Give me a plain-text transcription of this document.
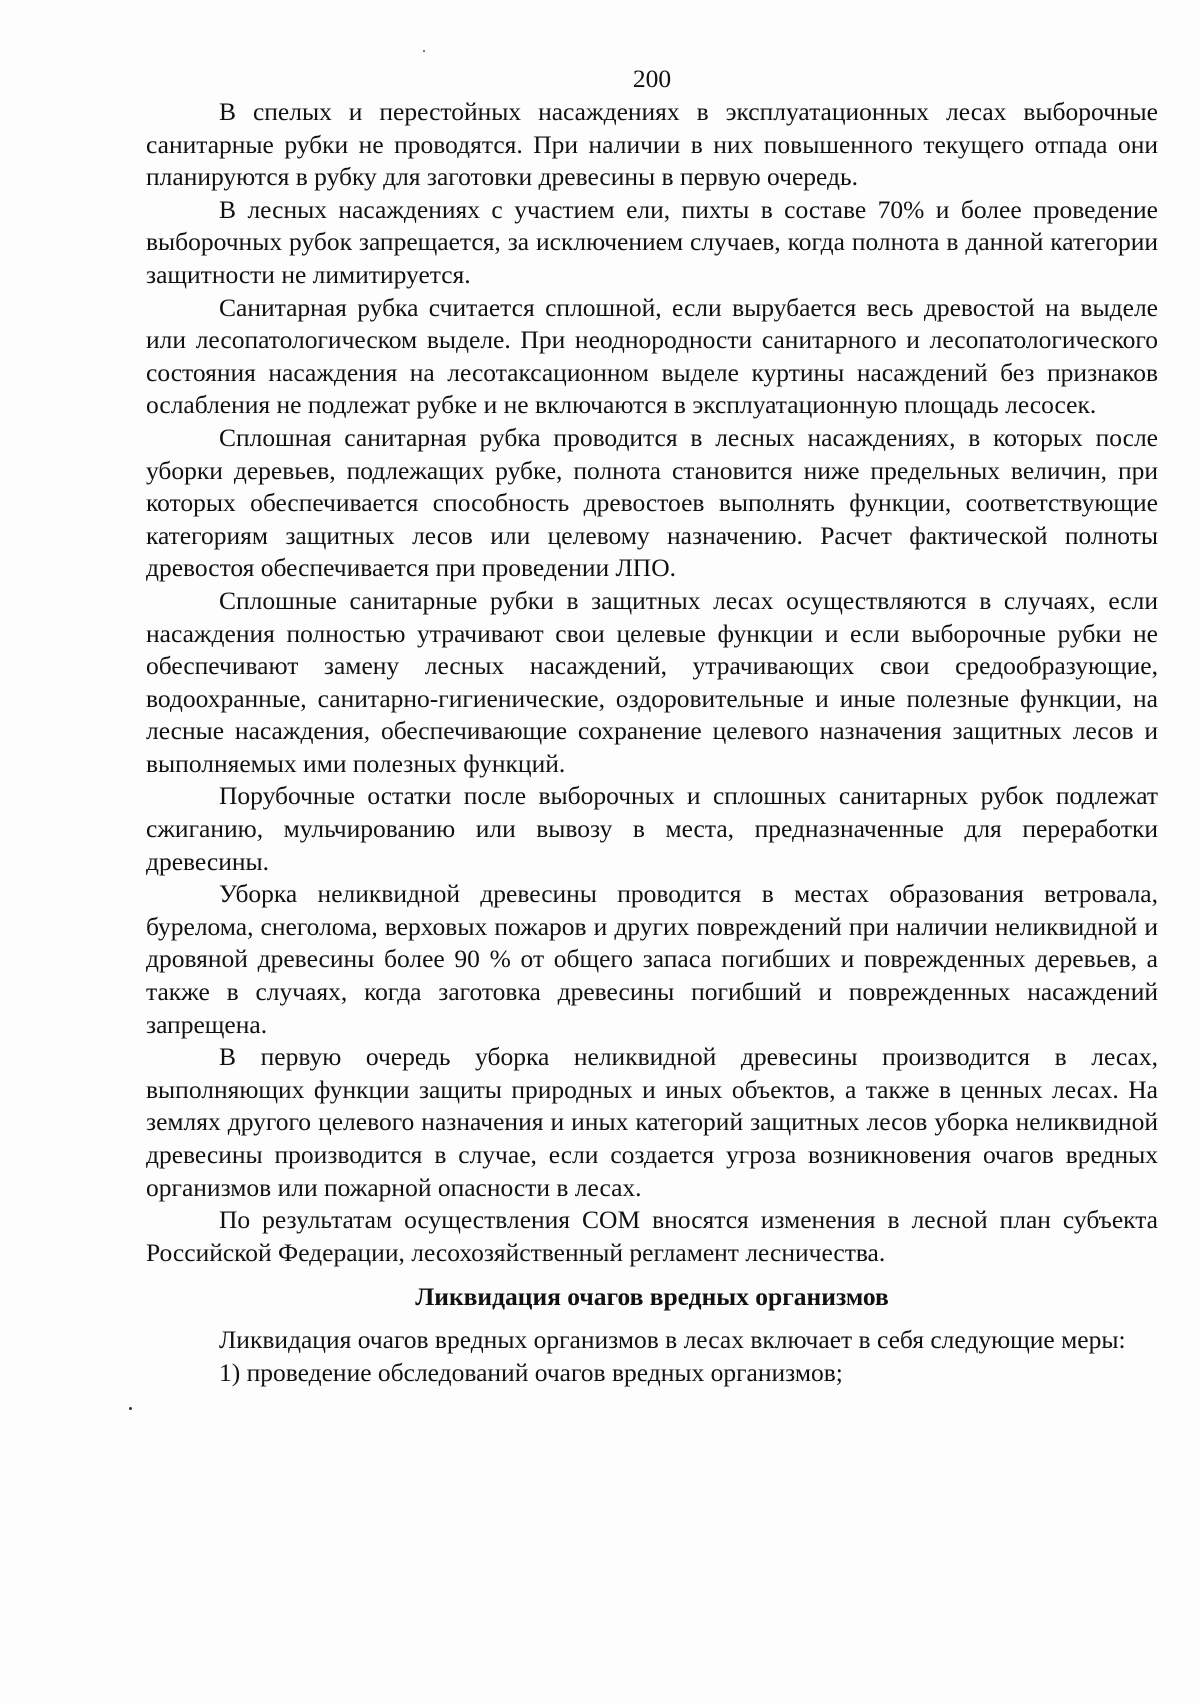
200

В спелых и перестойных насаждениях в эксплуатационных лесах выборочные санитарные рубки не проводятся. При наличии в них повышенного текущего отпада они планируются в рубку для заготовки древесины в первую очередь.

В лесных насаждениях с участием ели, пихты в составе 70% и более проведение выборочных рубок запрещается, за исключением случаев, когда полнота в данной категории защитности не лимитируется.

Санитарная рубка считается сплошной, если вырубается весь древостой на выделе или лесопатологическом выделе. При неоднородности санитарного и лесопатологического состояния насаждения на лесотаксационном выделе куртины насаждений без признаков ослабления не подлежат рубке и не включаются в эксплуатационную площадь лесосек.

Сплошная санитарная рубка проводится в лесных насаждениях, в которых после уборки деревьев, подлежащих рубке, полнота становится ниже предельных величин, при которых обеспечивается способность древостоев выполнять функции, соответствующие категориям защитных лесов или целевому назначению. Расчет фактической полноты древостоя обеспечивается при проведении ЛПО.

Сплошные санитарные рубки в защитных лесах осуществляются в случаях, если насаждения полностью утрачивают свои целевые функции и если выборочные рубки не обеспечивают замену лесных насаждений, утрачивающих свои средообразующие, водоохранные, санитарно-гигиенические, оздоровительные и иные полезные функции, на лесные насаждения, обеспечивающие сохранение целевого назначения защитных лесов и выполняемых ими полезных функций.

Порубочные остатки после выборочных и сплошных санитарных рубок подлежат сжиганию, мульчированию или вывозу в места, предназначенные для переработки древесины.

Уборка неликвидной древесины проводится в местах образования ветровала, бурелома, снеголома, верховых пожаров и других повреждений при наличии неликвидной и дровяной древесины более 90 % от общего запаса погибших и поврежденных деревьев, а также в случаях, когда заготовка древесины погибший и поврежденных насаждений запрещена.

В первую очередь уборка неликвидной древесины производится в лесах, выполняющих функции защиты природных и иных объектов, а также в ценных лесах. На землях другого целевого назначения и иных категорий защитных лесов уборка неликвидной древесины производится в случае, если создается угроза возникновения очагов вредных организмов или пожарной опасности в лесах.

По результатам осуществления СОМ вносятся изменения в лесной план субъекта Российской Федерации, лесохозяйственный регламент лесничества.

Ликвидация очагов вредных организмов

Ликвидация очагов вредных организмов в лесах включает в себя следующие меры:

1) проведение обследований очагов вредных организмов;
